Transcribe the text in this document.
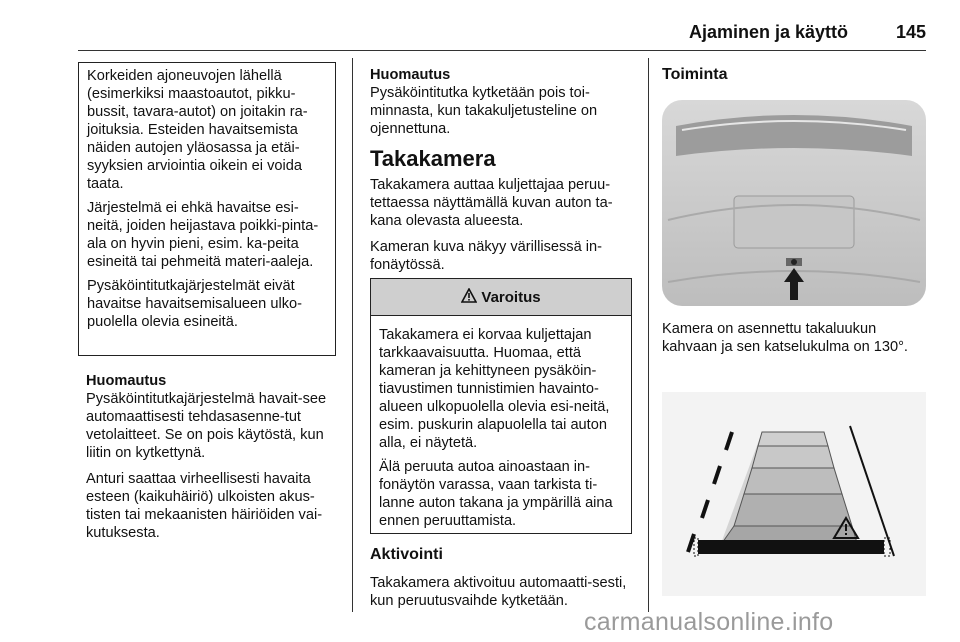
Ajaminen ja käyttö	145

Korkeiden ajoneuvojen lähellä (esimerkiksi maastoautot, pikku-bussit, tavara-autot) on joitakin ra-joituksia. Esteiden havaitsemista näiden autojen yläosassa ja etäi-syyksien arviointia oikein ei voida taata.

Järjestelmä ei ehkä havaitse esi-neitä, joiden heijastava poikki-pinta-ala on hyvin pieni, esim. ka-peita esineitä tai pehmeitä materi-aaleja.

Pysäköintitutkajärjestelmät eivät havaitse havaitsemisalueen ulko-puolella olevia esineitä.

Huomautus
Pysäköintitutkajärjestelmä havait-see automaattisesti tehdasasenne-tut vetolaitteet. Se on pois käytöstä, kun liitin on kytkettynä.
Anturi saattaa virheellisesti havaita esteen (kaikuhäiriö) ulkoisten akus-tisten tai mekaanisten häiriöiden vai-kutuksesta.
Huomautus
Pysäköintitutka kytketään pois toi-minnasta, kun takakuljetusteline on ojennettuna.
Takakamera
Takakamera auttaa kuljettajaa peruu-tettaessa näyttämällä kuvan auton ta-kana olevasta alueesta.
Kameran kuva näkyy värillisessä in-fonäytössä.
Varoitus

Takakamera ei korvaa kuljettajan tarkkaavaisuutta. Huomaa, että kameran ja kehittyneen pysäköin-tiavustimen tunnistimien havainto-alueen ulkopuolella olevia esi-neitä, esim. puskurin alapuolella tai auton alla, ei näytetä.

Älä peruuta autoa ainoastaan in-fonäytön varassa, vaan tarkista ti-lanne auton takana ja ympärillä aina ennen peruuttamista.

Aktivointi
Takakamera aktivoituu automaatti-sesti, kun peruutusvaihde kytketään.
Toiminta
Kamera on asennettu takaluukun kahvaan ja sen katselukulma on 130°.
carmanualsonline.info
